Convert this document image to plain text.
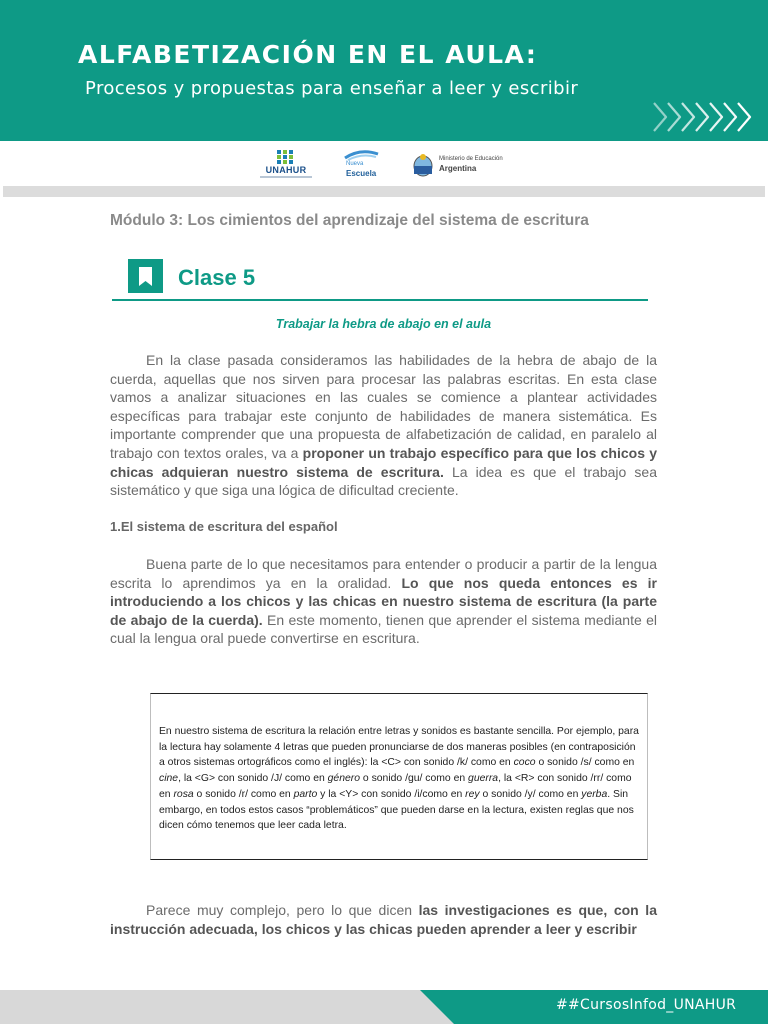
ALFABETIZACIÓN EN EL AULA:
Procesos y propuestas para enseñar a leer y escribir
UNAHUR
Nueva
Escuela
Ministerio de Educación
Argentina
Módulo 3: Los cimientos del aprendizaje del sistema de escritura
Clase 5
Trabajar la hebra de abajo en el aula
En la clase pasada consideramos las habilidades de la hebra de abajo de la cuerda, aquellas que nos sirven para procesar las palabras escritas. En esta clase vamos a analizar situaciones en las cuales se comience a plantear actividades específicas para trabajar este conjunto de habilidades de manera sistemática. Es importante comprender que una propuesta de alfabetización de calidad, en paralelo al trabajo con textos orales, va a proponer un trabajo específico para que los chicos y chicas adquieran nuestro sistema de escritura. La idea es que el trabajo sea sistemático y que siga una lógica de dificultad creciente.
1.El sistema de escritura del español
Buena parte de lo que necesitamos para entender o producir a partir de la lengua escrita lo aprendimos ya en la oralidad. Lo que nos queda entonces es ir introduciendo a los chicos y las chicas en nuestro sistema de escritura (la parte de abajo de la cuerda). En este momento, tienen que aprender el sistema mediante el cual la lengua oral puede convertirse en escritura.
En nuestro sistema de escritura la relación entre letras y sonidos es bastante sencilla. Por ejemplo, para la lectura hay solamente 4 letras que pueden pronunciarse de dos maneras posibles (en contraposición a otros sistemas ortográficos como el inglés): la <C> con sonido /k/ como en coco o sonido /s/ como en cine, la <G> con sonido /J/ como en género o sonido /gu/ como en guerra, la <R> con sonido /rr/ como en rosa o sonido /r/ como en parto y la <Y> con sonido /i/como en rey o sonido /y/ como en yerba. Sin embargo, en todos estos casos “problemáticos” que pueden darse en la lectura, existen reglas que nos dicen cómo tenemos que leer cada letra.
Parece muy complejo, pero lo que dicen las investigaciones es que, con la instrucción adecuada, los chicos y las chicas pueden aprender a leer y escribir
##CursosInfod_UNAHUR
